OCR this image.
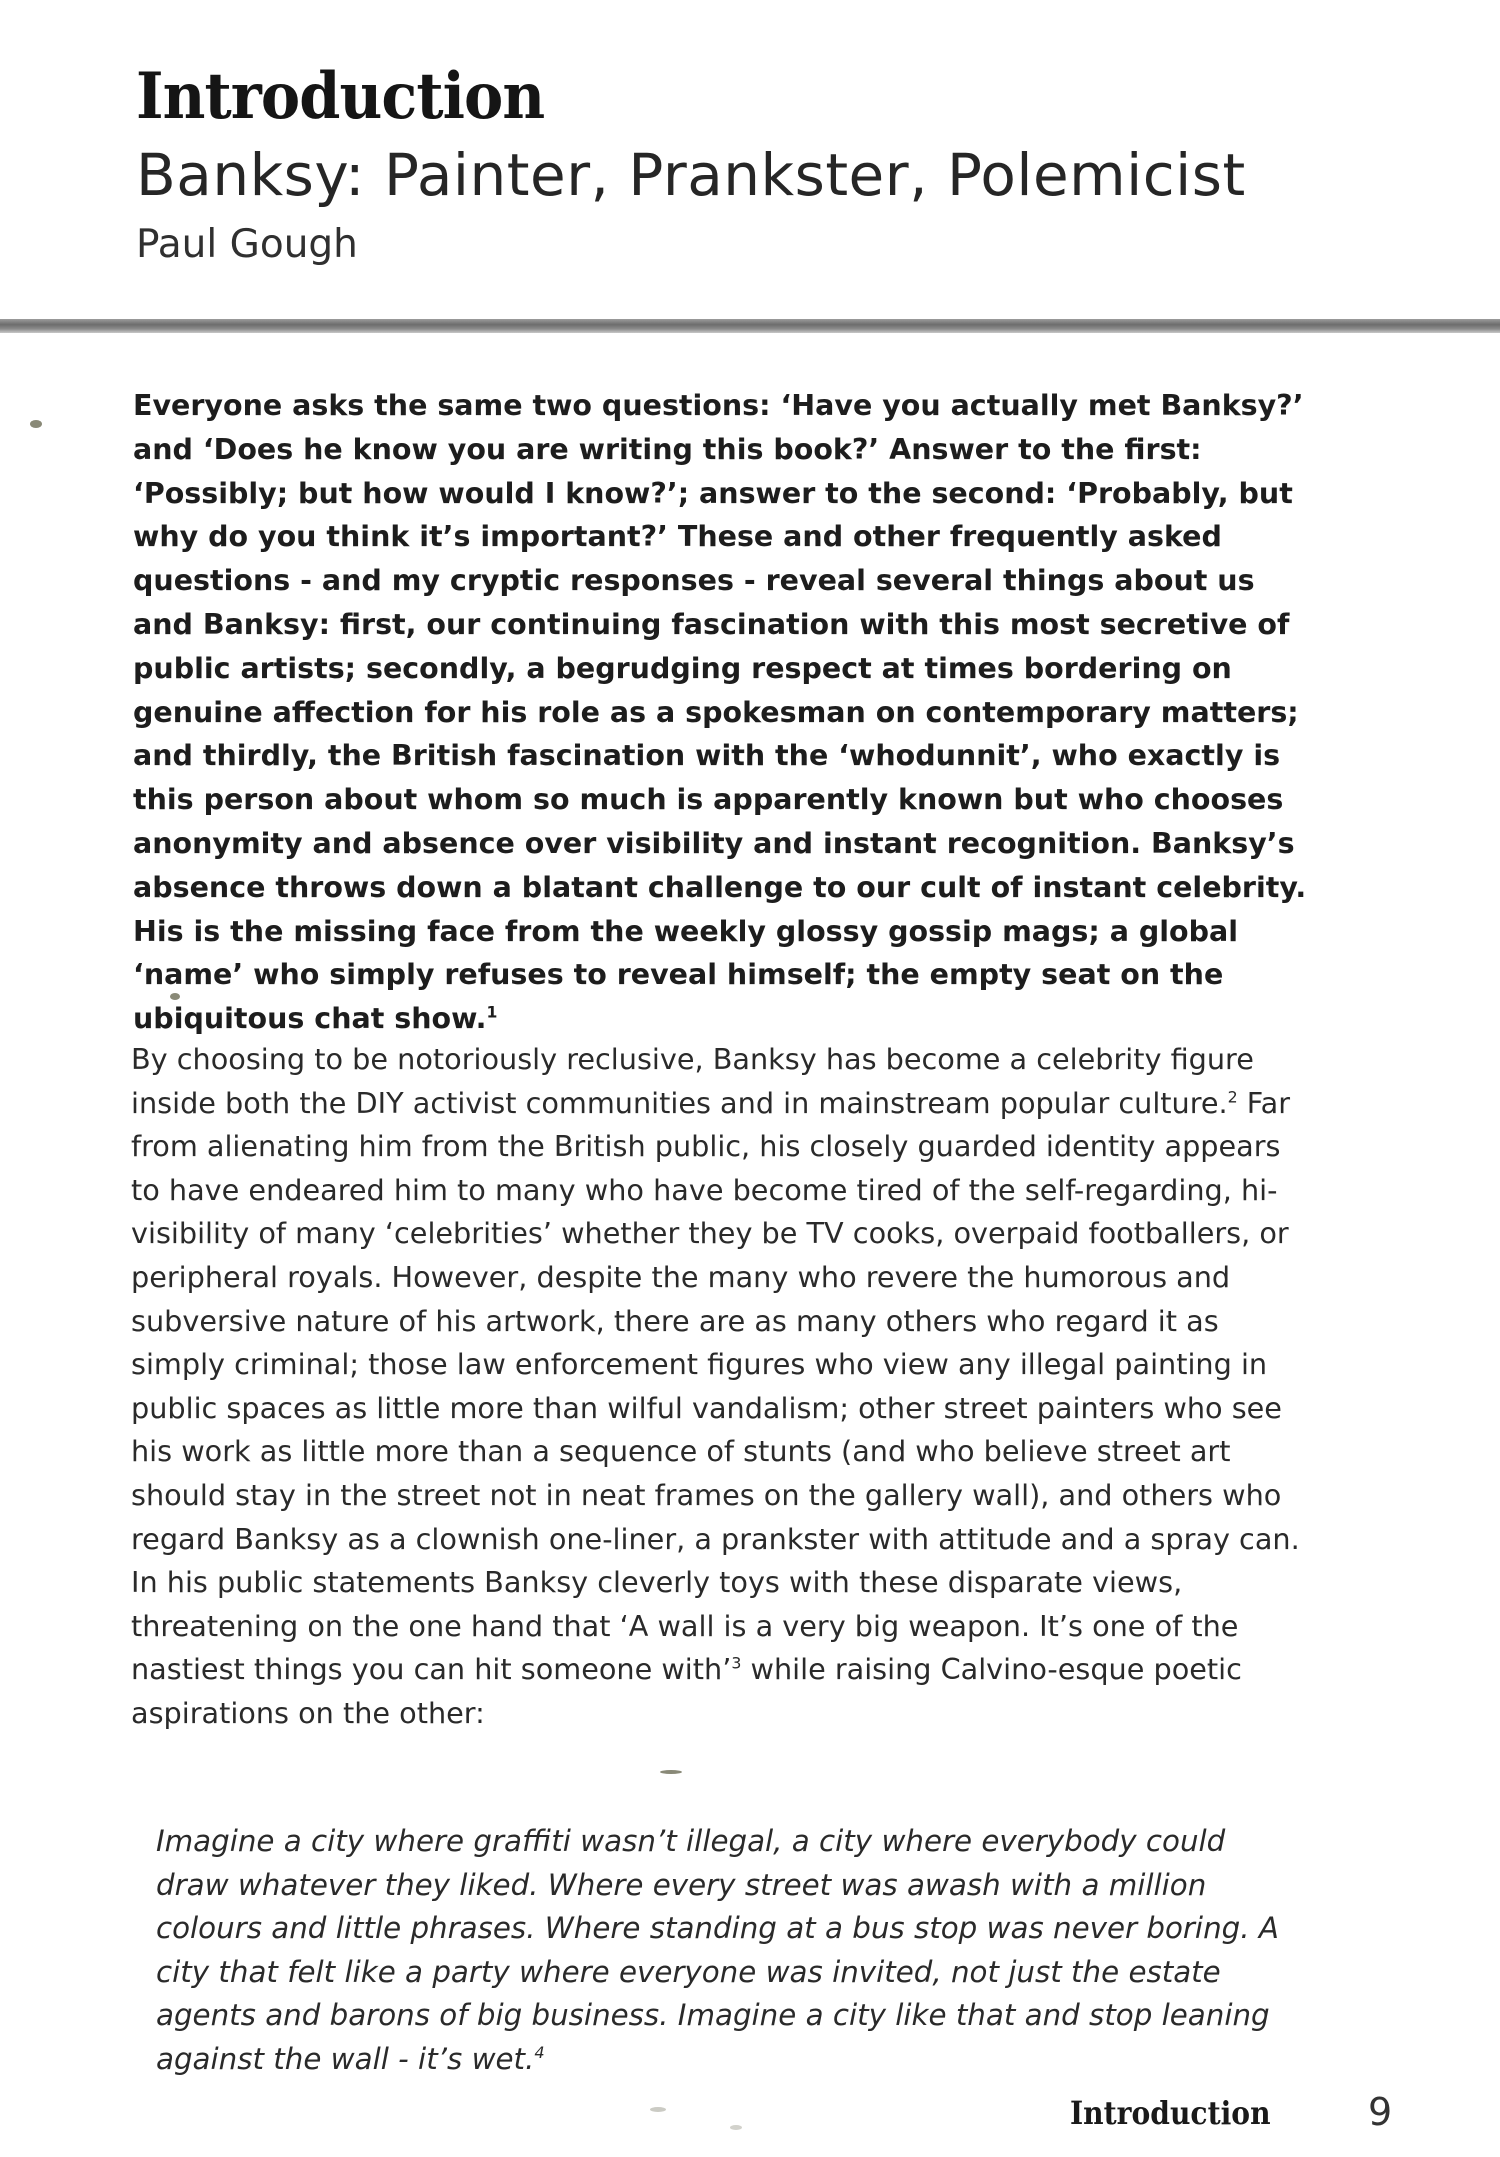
Introduction
Banksy: Painter, Prankster, Polemicist
Paul Gough

Everyone asks the same two questions: ‘Have you actually met Banksy?’ and ‘Does he know you are writing this book?’ Answer to the first: ‘Possibly; but how would I know?’; answer to the second: ‘Probably, but why do you think it’s important?’ These and other frequently asked questions - and my cryptic responses - reveal several things about us and Banksy: first, our continuing fascination with this most secretive of public artists; secondly, a begrudging respect at times bordering on genuine affection for his role as a spokesman on contemporary matters; and thirdly, the British fascination with the ‘whodunnit’, who exactly is this person about whom so much is apparently known but who chooses anonymity and absence over visibility and instant recognition. Banksy’s absence throws down a blatant challenge to our cult of instant celebrity. His is the missing face from the weekly glossy gossip mags; a global ‘name’ who simply refuses to reveal himself; the empty seat on the ubiquitous chat show.$^1$

By choosing to be notoriously reclusive, Banksy has become a celebrity figure inside both the DIY activist communities and in mainstream popular culture.$^2$ Far from alienating him from the British public, his closely guarded identity appears to have endeared him to many who have become tired of the self-regarding, hi-visibility of many ‘celebrities’ whether they be TV cooks, overpaid footballers, or peripheral royals. However, despite the many who revere the humorous and subversive nature of his artwork, there are as many others who regard it as simply criminal; those law enforcement figures who view any illegal painting in public spaces as little more than wilful vandalism; other street painters who see his work as little more than a sequence of stunts (and who believe street art should stay in the street not in neat frames on the gallery wall), and others who regard Banksy as a clownish one-liner, a prankster with attitude and a spray can. In his public statements Banksy cleverly toys with these disparate views, threatening on the one hand that ‘A wall is a very big weapon. It’s one of the nastiest things you can hit someone with’$^3$ while raising Calvino-esque poetic aspirations on the other:

Imagine a city where graffiti wasn’t illegal, a city where everybody could draw whatever they liked. Where every street was awash with a million colours and little phrases. Where standing at a bus stop was never boring. A city that felt like a party where everyone was invited, not just the estate agents and barons of big business. Imagine a city like that and stop leaning against the wall - it’s wet.$^4$

Introduction	9
